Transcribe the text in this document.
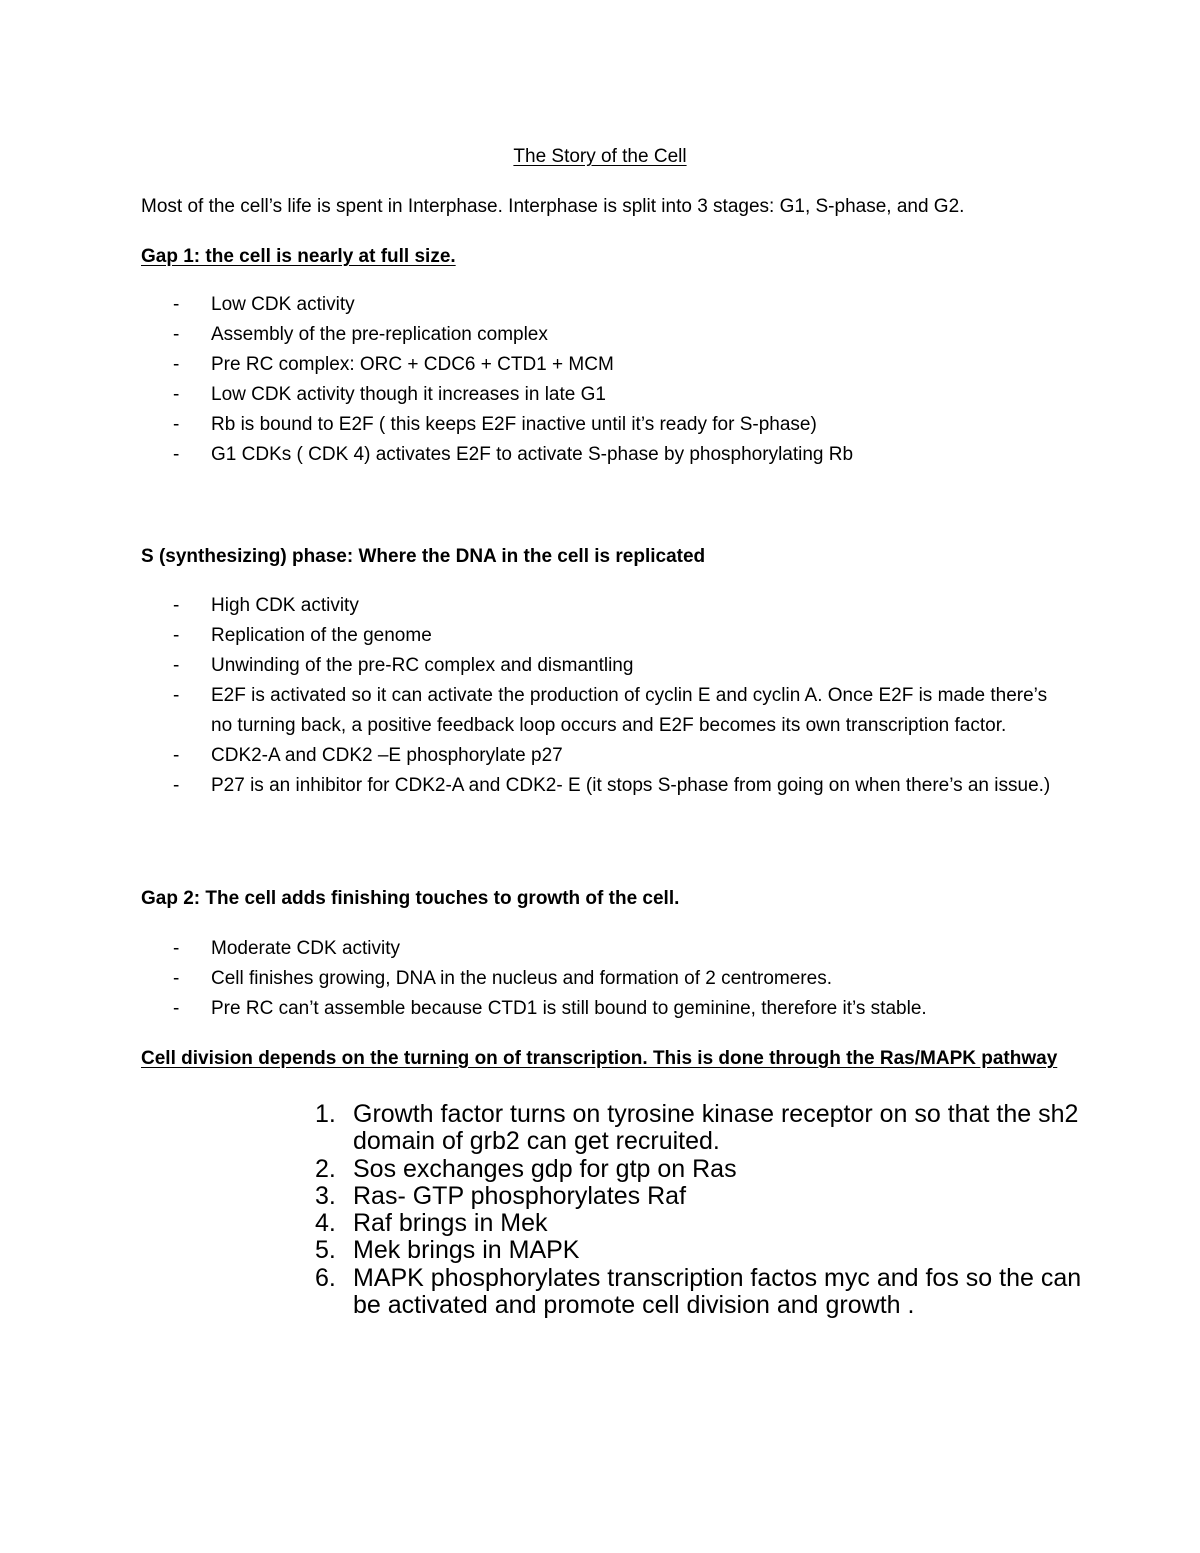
The Story of the Cell
Most of the cell’s life is spent in Interphase. Interphase is split into 3 stages: G1, S-phase, and G2.
Gap 1: the cell is nearly at full size.
- Low CDK activity
- Assembly of the pre-replication complex
- Pre RC complex: ORC + CDC6 + CTD1 + MCM
- Low CDK activity though it increases in late G1
- Rb is bound to E2F ( this keeps E2F inactive until it’s ready for S-phase)
- G1 CDKs ( CDK 4) activates E2F to activate S-phase by phosphorylating Rb
S (synthesizing) phase: Where the DNA in the cell is replicated
- High CDK activity
- Replication of the genome
- Unwinding of the pre-RC complex and dismantling
- E2F is activated so it can activate the production of cyclin E and cyclin A. Once E2F is made there’s no turning back, a positive feedback loop occurs and E2F becomes its own transcription factor.
- CDK2-A and CDK2 –E phosphorylate p27
- P27 is an inhibitor for CDK2-A and CDK2- E (it stops S-phase from going on when there’s an issue.)
Gap 2: The cell adds finishing touches to growth of the cell.
- Moderate CDK activity
- Cell finishes growing, DNA in the nucleus and formation of 2 centromeres.
- Pre RC can’t assemble because CTD1 is still bound to geminine, therefore it’s stable.
Cell division depends on the turning on of transcription. This is done through the Ras/MAPK pathway
1. Growth factor turns on tyrosine kinase receptor on so that the sh2 domain of grb2 can get recruited.
2. Sos exchanges gdp for gtp on Ras
3. Ras- GTP phosphorylates Raf
4. Raf brings in Mek
5. Mek brings in MAPK
6. MAPK phosphorylates transcription factos myc and fos so the can be activated and promote cell division and growth .
